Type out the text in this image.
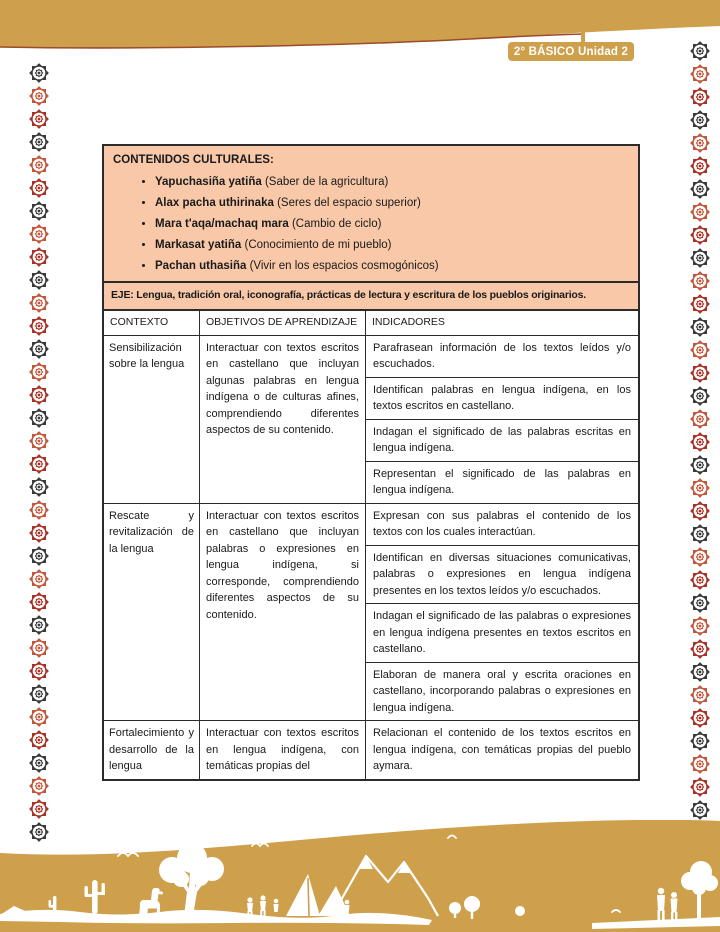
2° BÁSICO Unidad 2
CONTENIDOS CULTURALES:
• Yapuchasiña yatiña (Saber de la agricultura)
• Alax pacha uthirinaka (Seres del espacio superior)
• Mara t'aqa/machaq mara (Cambio de ciclo)
• Markasat yatiña (Conocimiento de mi pueblo)
• Pachan uthasiña (Vivir en los espacios cosmogónicos)
EJE: Lengua, tradición oral, iconografía, prácticas de lectura y escritura de los pueblos originarios.
CONTEXTO	OBJETIVOS DE APRENDIZAJE	INDICADORES
Sensibilización sobre la lengua
Interactuar con textos escritos en castellano que incluyan algunas palabras en lengua indígena o de culturas afines, comprendiendo diferentes aspectos de su contenido.
Parafrasean información de los textos leídos y/o escuchados.
Identifican palabras en lengua indígena, en los textos escritos en castellano.
Indagan el significado de las palabras escritas en lengua indígena.
Representan el significado de las palabras en lengua indígena.
Rescate y revitalización de la lengua
Interactuar con textos escritos en castellano que incluyan palabras o expresiones en lengua indígena, si corresponde, comprendiendo diferentes aspectos de su contenido.
Expresan con sus palabras el contenido de los textos con los cuales interactúan.
Identifican en diversas situaciones comunicativas, palabras o expresiones en lengua indígena presentes en los textos leídos y/o escuchados.
Indagan el significado de las palabras o expresiones en lengua indígena presentes en textos escritos en castellano.
Elaboran de manera oral y escrita oraciones en castellano, incorporando palabras o expresiones en lengua indígena.
Fortalecimiento y desarrollo de la lengua
Interactuar con textos escritos en lengua indígena, con temáticas propias del
Relacionan el contenido de los textos escritos en lengua indígena, con temáticas propias del pueblo aymara.
